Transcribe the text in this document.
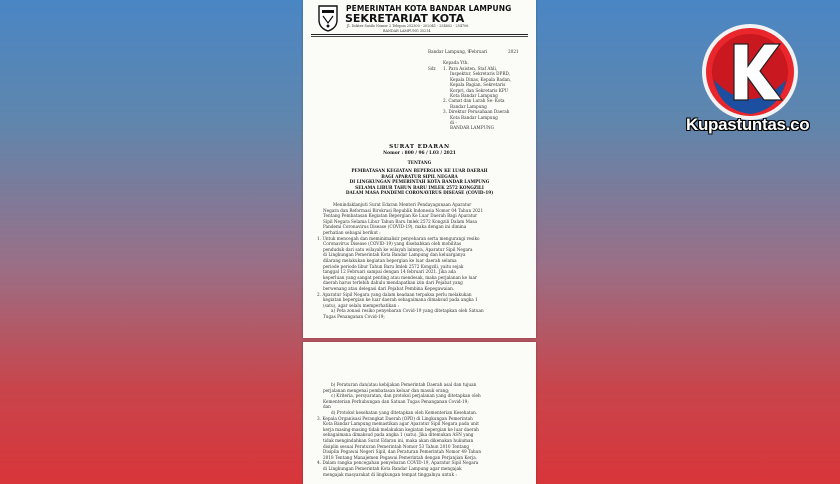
PEMERINTAH KOTA BANDAR LAMPUNG
SEKRETARIAT KOTA
Jl. Dokter Susilo Nomor 2 Telepon 252300 - 202041 - 254602 - 254706
BANDAR LAMPUNG 35214
Bandar Lampung, 9
Februari	2021
Kepada Yth.
Sdr.
SURAT EDARAN
Nomor : 800 / 96 / I.03 / 2021
TENTANG
1. Para Asisten, Staf Ahli,
Inspektur, Sekretaris DPRD,
Kepala Dinas, Kepala Badan,
Kepala Bagian, Sekretaris
Korpri, dan Sekretaris KPU
Kota Bandar Lampung
2. Camat dan Lurah Se- Kota
Bandar Lampung
3. Direktur Perusahaan Daerah
Kota Bandar Lampung
di -
BANDAR LAMPUNG
PEMBATASAN KEGIATAN BEPERGIAN KE LUAR DAERAH
BAGI APARATUR SIPIL NEGARA
DI LINGKUNGAN PEMERINTAH KOTA BANDAR LAMPUNG
SELAMA LIBUR TAHUN BARU IMLEK 2572 KONGZILI
DALAM MASA PANDEMI CORONAVIRUS DISEASE (COVID-19)
Menindaklanjuti Surat Edaran Menteri Pendayagunaan Aparatur
Negara dan Reformasi Birokrasi Republik Indonesia Nomor 04 Tahun 2021
Tentang Pembatasan Kegiatan Bepergian Ke Luar Daerah Bagi Aparatur
Sipil Negara Selama Libur Tahun Baru Imlek 2572 Kongzili Dalam Masa
Pandemi Coronavirus Disease (COVID-19), maka dengan ini dimina
perhatian sebagai berikut :
1. Untuk mencegah dan meminimalisir penyebaran serta mengurangi resiko
Coronavirus Disease (COVID-19) yang disebabkan oleh mobilitas
penduduk dari satu wilayah ke wilayah lainnya, Aparatur Sipil Negara
di Lingkungan Pemerintah Kota Bandar Lampung dan keluarganya
dilarang melakukan kegiatan bepergian ke luar daerah selama
periode periode libur Tahun Baru Imlek 2572 Kongzili, yaitu sejak
tanggal 12 Februari sampai dengan 14 februari 2021. Jika ada
keperluan yang sangat penting atau mendesak, maka perjalanan ke luar
daerah harus terlebih dahulu mendapatkan izin dari Pejabat yang
berwenang atau delegasi dari Pejabat Pembina Kepegawaian.
2. Aparatur Sipil Negara yang dalam keadaan terpaksa perlu melakukan
kegiatan bepergian ke luar daerah sebagaimana dimaksud pada angka 1
(satu), agar selalu memperhatikan :
a) Peta zonasi resiko penyebaran Covid-19 yang ditetapkan oleh Satuan
Tugas Penanganan Covid-19;
b) Peraturan dan/atau kebijakan Pemerintah Daerah asal dan tujuan
perjalanan mengenai pembatasan keluar dan masuk orang;
c) Kriteria, persyaratan, dan protokol perjalanan yang ditetapkan oleh
Kementerian Perhubungan dan Satuan Tugas Penanganan Covid-19;
dan
d) Protokol kesehatan yang ditetapkan oleh Kementerian Kesehatan.
3. Kepala Organisasi Perangkat Daerah (OPD) di Lingkungan Pemerintah
Kota Bandar Lampung memastikan agar Aparatur Sipil Negara pada unit
kerja masing-masing tidak melakukan kegiatan bepergian ke luar daerah
sebagaimana dimaksud pada angka 1 (satu). Jika ditemukan ASN yang
tidak mengindahkan Surat Edaran ini, maka akan dikenakan hukuman
disiplin sesuai Peraturan Pemerintah Nomor 53 Tahun 2010 Tentang
Disiplin Pegawai Negeri Sipil, dan Peraturan Pemerintah Nomor 49 Tahun
2018 Tentang Manajemen Pegawai Pemerintah dengan Perjanjian Kerja.
4. Dalam rangka pencegahan penyebaran COVID-19, Aparatur Sipil Negara
di Lingkungan Pemerintah Kota Bandar Lampung agar mengajak
mengajak masyarakat di lingkungan tempat tinggalnya untuk :
Kupastuntas.co
